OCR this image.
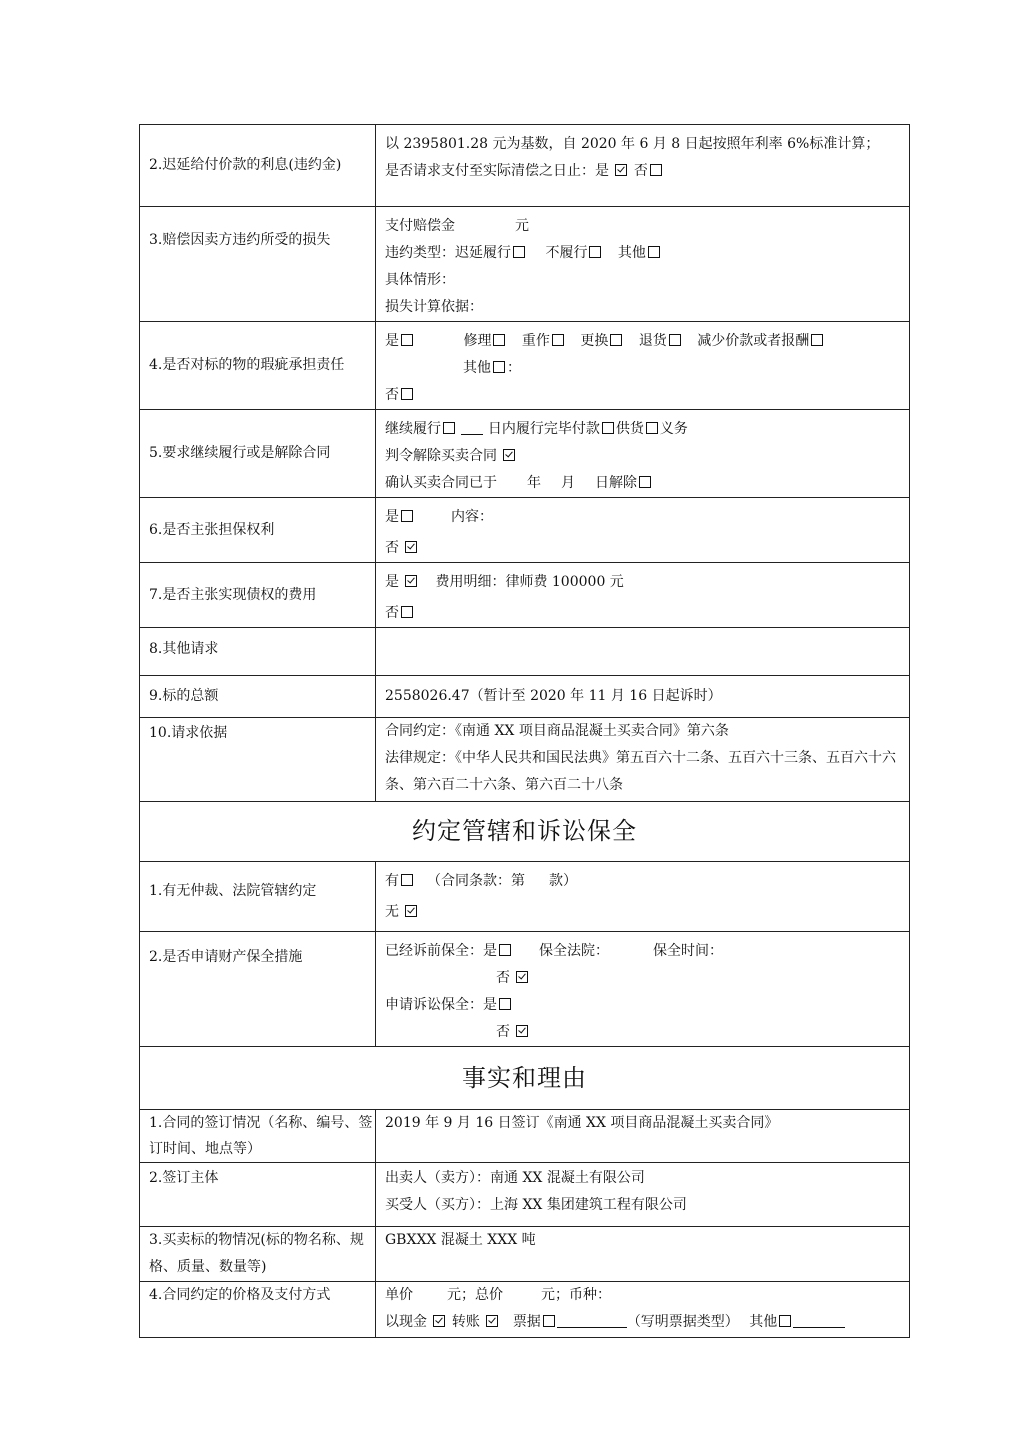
2.迟延给付价款的利息(违约金)	以 2395801.28 元为基数，自 2020 年 6 月 8 日起按照年利率 6%标准计算；
是否请求支付至实际清偿之日止：是 否

3.赔偿因卖方违约所受的损失	支付赔偿金 元
违约类型：迟延履行 不履行 其他
具体情形：
损失计算依据：

4.是否对标的物的瑕疵承担责任	是 修理 重作 更换 退货 减少价款或者报酬
其他 ：
否

5.要求继续履行或是解除合同	继续履行 日内履行完毕付款 供货 义务
判令解除买卖合同
确认买卖合同已于 年 月 日解除

6.是否主张担保权利	是 内容：
否

7.是否主张实现债权的费用	是 费用明细：律师费 100000 元
否

8.其他请求	
9.标的总额	2558026.47（暂计至 2020 年 11 月 16 日起诉时）
10.请求依据	合同约定：《南通 XX 项目商品混凝土买卖合同》第六条
法律规定：《中华人民共和国民法典》第五百六十二条、五百六十三条、五百六十六条、第六百二十六条、第六百二十八条

约定管辖和诉讼保全	
1.有无仲裁、法院管辖约定	有 （合同条款：第 款）
无

2.是否申请财产保全措施	已经诉前保全：是 保全法院： 保全时间：
否
申请诉讼保全：是
否

事实和理由	
1.合同的签订情况（名称、编号、签订时间、地点等）	2019 年 9 月 16 日签订《南通 XX 项目商品混凝土买卖合同》
2.签订主体	出卖人（卖方）：南通 XX 混凝土有限公司
买受人（买方）：上海 XX 集团建筑工程有限公司

3.买卖标的物情况(标的物名称、规格、质量、数量等)	GBXXX 混凝土 XXX 吨
4.合同约定的价格及支付方式	单价 元；总价 元；币种：
以现金 转账 票据 （写明票据类型） 其他
